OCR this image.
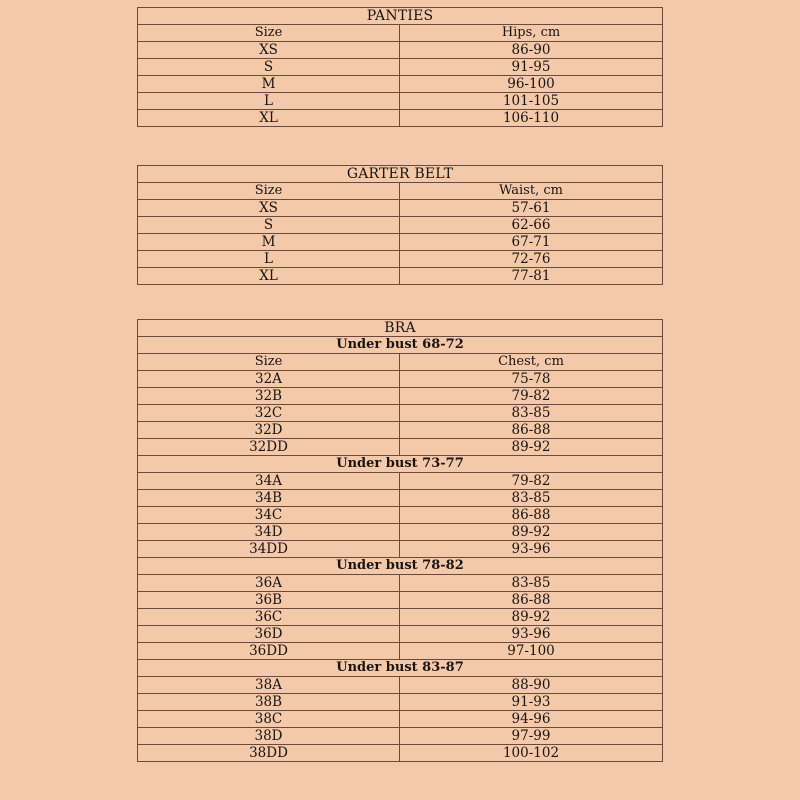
PANTIES	
Size	Hips, cm
XS	86-90
S	91-95
M	96-100
L	101-105
XL	106-110
GARTER BELT	
Size	Waist, cm
XS	57-61
S	62-66
M	67-71
L	72-76
XL	77-81
BRA	
Under bust 68-72	
Size	Chest, cm
32A	75-78
32B	79-82
32C	83-85
32D	86-88
32DD	89-92
Under bust 73-77	
34A	79-82
34B	83-85
34C	86-88
34D	89-92
34DD	93-96
Under bust 78-82	
36A	83-85
36B	86-88
36C	89-92
36D	93-96
36DD	97-100
Under bust 83-87	
38A	88-90
38B	91-93
38C	94-96
38D	97-99
38DD	100-102
